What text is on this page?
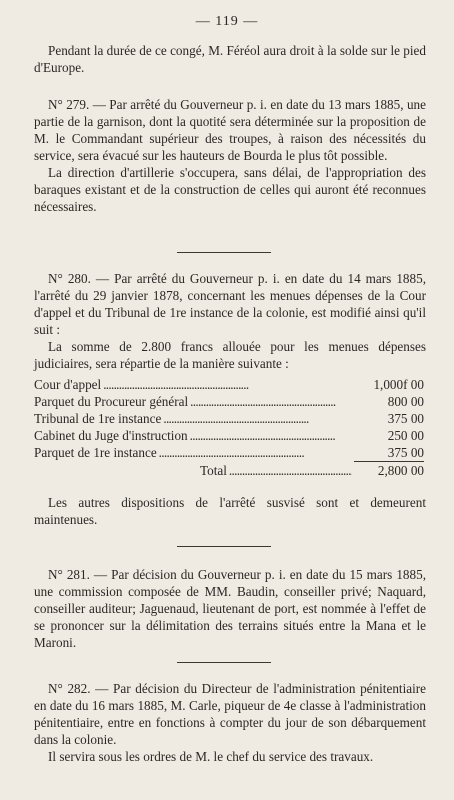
— 119 —

Pendant la durée de ce congé, M. Féréol aura droit à la solde sur le pied d'Europe.

N° 279. — Par arrêté du Gouverneur p. i. en date du 13 mars 1885, une partie de la garnison, dont la quotité sera déterminée sur la proposition de M. le Commandant supérieur des troupes, à raison des nécessités du service, sera évacué sur les hauteurs de Bourda le plus tôt possible.

La direction d'artillerie s'occupera, sans délai, de l'appropriation des baraques existant et de la construction de celles qui auront été reconnues nécessaires.

N° 280. — Par arrêté du Gouverneur p. i. en date du 14 mars 1885, l'arrêté du 29 janvier 1878, concernant les menues dépenses de la Cour d'appel et du Tribunal de 1re instance de la colonie, est modifié ainsi qu'il suit :

La somme de 2.800 francs allouée pour les menues dépenses judiciaires, sera répartie de la manière suivante :

Cour d'appel . . .	1,000f 00
Parquet du Procureur général . . .	800 00
Tribunal de 1re instance . . .	375 00
Cabinet du Juge d'instruction . . .	250 00
Parquet de 1re instance . . .	375 00
Total . . .	2,800 00

Les autres dispositions de l'arrêté susvisé sont et demeurent maintenues.

N° 281. — Par décision du Gouverneur p. i. en date du 15 mars 1885, une commission composée de MM. Baudin, conseiller privé; Naquard, conseiller auditeur; Jaguenaud, lieutenant de port, est nommée à l'effet de se prononcer sur la délimitation des terrains situés entre la Mana et le Maroni.

N° 282. — Par décision du Directeur de l'administration pénitentiaire en date du 16 mars 1885, M. Carle, piqueur de 4e classe à l'administration pénitentiaire, entre en fonctions à compter du jour de son débarquement dans la colonie.

Il servira sous les ordres de M. le chef du service des travaux.
